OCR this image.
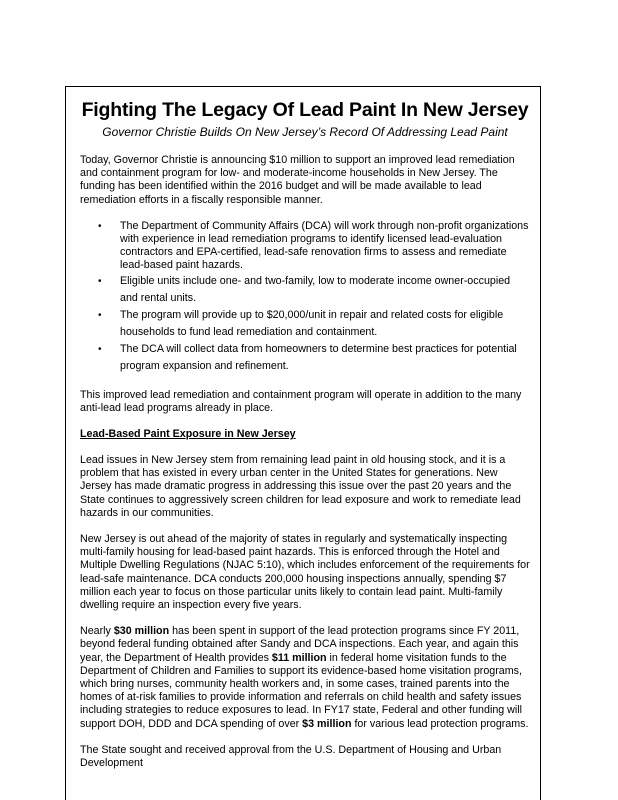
Fighting The Legacy Of Lead Paint In New Jersey
Governor Christie Builds On New Jersey’s Record Of Addressing Lead Paint

Today, Governor Christie is announcing $10 million to support an improved lead remediation and containment program for low- and moderate-income households in New Jersey. The funding has been identified within the 2016 budget and will be made available to lead remediation efforts in a fiscally responsible manner.

• The Department of Community Affairs (DCA) will work through non-profit organizations with experience in lead remediation programs to identify licensed lead-evaluation contractors and EPA-certified, lead-safe renovation firms to assess and remediate lead-based paint hazards.
• Eligible units include one- and two-family, low to moderate income owner-occupied and rental units.
• The program will provide up to $20,000/unit in repair and related costs for eligible households to fund lead remediation and containment.
• The DCA will collect data from homeowners to determine best practices for potential program expansion and refinement.

This improved lead remediation and containment program will operate in addition to the many anti-lead lead programs already in place.

Lead-Based Paint Exposure in New Jersey

Lead issues in New Jersey stem from remaining lead paint in old housing stock, and it is a problem that has existed in every urban center in the United States for generations. New Jersey has made dramatic progress in addressing this issue over the past 20 years and the State continues to aggressively screen children for lead exposure and work to remediate lead hazards in our communities.

New Jersey is out ahead of the majority of states in regularly and systematically inspecting multi-family housing for lead-based paint hazards. This is enforced through the Hotel and Multiple Dwelling Regulations (NJAC 5:10), which includes enforcement of the requirements for lead-safe maintenance. DCA conducts 200,000 housing inspections annually, spending $7 million each year to focus on those particular units likely to contain lead paint. Multi-family dwelling require an inspection every five years.

Nearly $30 million has been spent in support of the lead protection programs since FY 2011, beyond federal funding obtained after Sandy and DCA inspections. Each year, and again this year, the Department of Health provides $11 million in federal home visitation funds to the Department of Children and Families to support its evidence-based home visitation programs, which bring nurses, community health workers and, in some cases, trained parents into the homes of at-risk families to provide information and referrals on child health and safety issues including strategies to reduce exposures to lead. In FY17 state, Federal and other funding will support DOH, DDD and DCA spending of over $3 million for various lead protection programs.

The State sought and received approval from the U.S. Department of Housing and Urban Development
